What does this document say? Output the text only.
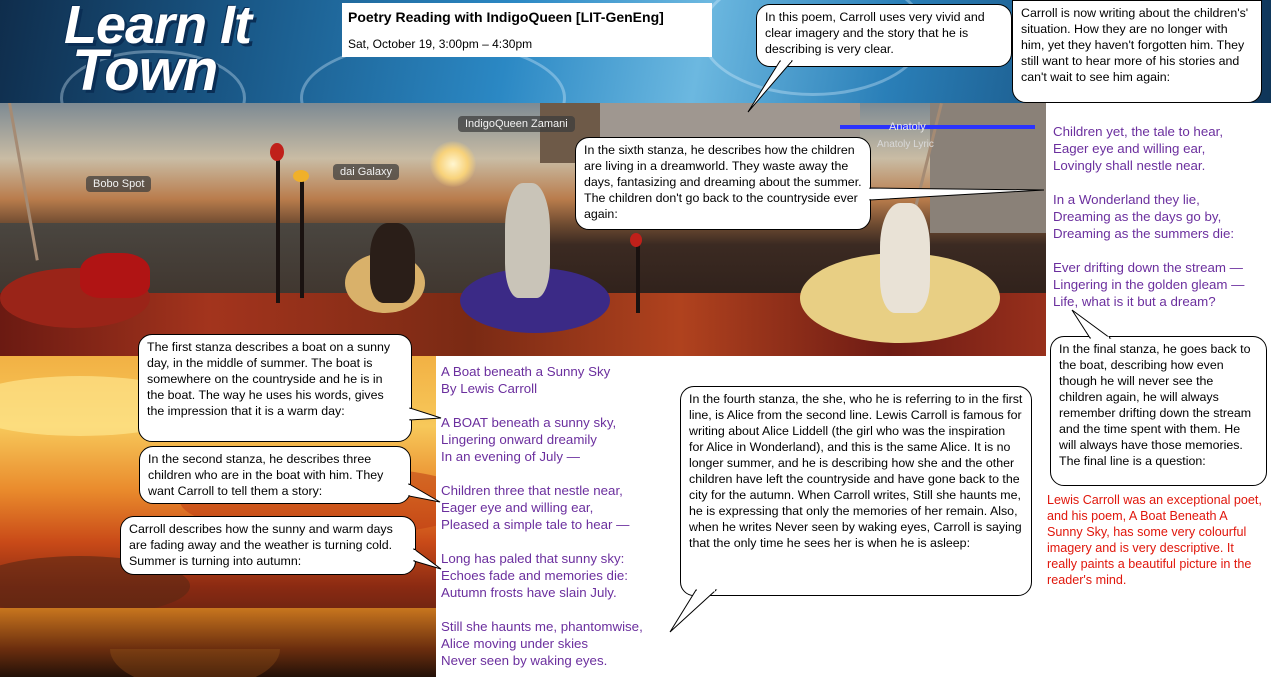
Learn It
Town
Poetry Reading with IndigoQueen [LIT-GenEng]
Sat, October 19, 3:00pm – 4:30pm
Bobo Spot
dai Galaxy
IndigoQueen Zamani	Anatoly
Anatoly Lyric
In this poem, Carroll uses very vivid and clear imagery and the story that he is describing is very clear.
Carroll is now writing about the children's' situation. How they are no longer with him, yet they haven't forgotten him. They still want to hear more of his stories and can't wait to see him again:
In the sixth stanza, he describes how the children are living in a dreamworld. They waste away the days, fantasizing and dreaming about the summer. The children don't go back to the countryside ever again:
The first stanza describes a boat on a sunny day, in the middle of summer. The boat is somewhere on the countryside and he is in the boat. The way he uses his words, gives the impression that it is a warm day:
In the second stanza, he describes three children who are in the boat with him. They want Carroll to tell them a story:
Carroll describes how the sunny and warm days are fading away and the weather is turning cold. Summer is turning into autumn:
In the fourth stanza, the she, who he is referring to in the first line, is Alice from the second line. Lewis Carroll is famous for writing about Alice Liddell (the girl who was the inspiration for Alice in Wonderland), and this is the same Alice. It is no longer summer, and he is describing how she and the other children have left the countryside and have gone back to the city for the autumn. When Carroll writes, Still she haunts me, he is expressing that only the memories of her remain. Also, when he writes Never seen by waking eyes, Carroll is saying that the only time he sees her is when he is asleep:
In the final stanza, he goes back to the boat, describing how even though he will never see the children again, he will always remember drifting down the stream and the time spent with them. He will always have those memories. The final line is a question:
A Boat beneath a Sunny Sky
By Lewis Carroll
A BOAT beneath a sunny sky,
Lingering onward dreamily
In an evening of July —
Children three that nestle near,
Eager eye and willing ear,
Pleased a simple tale to hear —
Long has paled that sunny sky:
Echoes fade and memories die:
Autumn frosts have slain July.
Still she haunts me, phantomwise,
Alice moving under skies
Never seen by waking eyes.
Children yet, the tale to hear,
Eager eye and willing ear,
Lovingly shall nestle near.
In a Wonderland they lie,
Dreaming as the days go by,
Dreaming as the summers die:
Ever drifting down the stream —
Lingering in the golden gleam —
Life, what is it but a dream?
Lewis Carroll was an exceptional poet, and his poem, A Boat Beneath A Sunny Sky, has some very colourful imagery and is very descriptive. It really paints a beautiful picture in the reader's mind.
